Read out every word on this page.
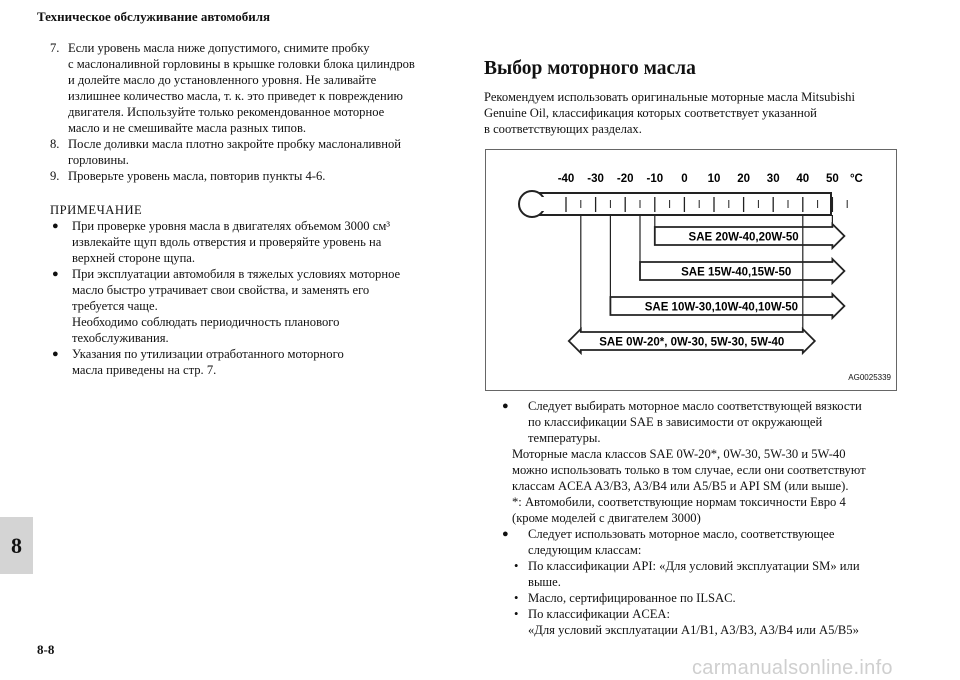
Техническое обслуживание автомобиля
7. Если уровень масла ниже допустимого, снимите пробку
с маслоналивной горловины в крышке головки блока цилиндров
и долейте масло до установленного уровня. Не заливайте
излишнее количество масла, т. к. это приведет к повреждению
двигателя. Используйте только рекомендованное моторное
масло и не смешивайте масла разных типов.
8. После доливки масла плотно закройте пробку маслоналивной
горловины.
9. Проверьте уровень масла, повторив пункты 4-6.
ПРИМЕЧАНИЕ
●	При проверке уровня масла в двигателях объемом 3000 см³
извлекайте щуп вдоль отверстия и проверяйте уровень на
верхней стороне щупа.
●	При эксплуатации автомобиля в тяжелых условиях моторное
масло быстро утрачивает свои свойства, и заменять его
требуется чаще.
Необходимо соблюдать периодичность планового
техобслуживания.
●	Указания по утилизации отработанного моторного
масла приведены на стр. 7.
Выбор моторного масла
Рекомендуем использовать оригинальные моторные масла Mitsubishi
Genuine Oil, классификация которых соответствует указанной
в соответствующих разделах.
-40 -30 -20 -10 0 10 20 30 40 50 °C
SAE 20W-40,20W-50
SAE 15W-40,15W-50
SAE 10W-30,10W-40,10W-50
SAE 0W-20*, 0W-30, 5W-30, 5W-40
AG0025339
●	Следует выбирать моторное масло соответствующей вязкости
по классификации SAE в зависимости от окружающей
температуры.
Моторные масла классов SAE 0W-20*, 0W-30, 5W-30 и 5W-40
можно использовать только в том случае, если они соответствуют
классам ACEA A3/B3, A3/B4 или A5/B5 и API SM (или выше).
*: Автомобили, соответствующие нормам токсичности Евро 4
(кроме моделей с двигателем 3000)
●	Следует использовать моторное масло, соответствующее
следующим классам:
• По классификации API: «Для условий эксплуатации SM» или
выше.
• Масло, сертифицированное по ILSAC.
• По классификации ACEA:
«Для условий эксплуатации A1/B1, A3/B3, A3/B4 или A5/B5»
8
8-8
carmanualsonline.info
